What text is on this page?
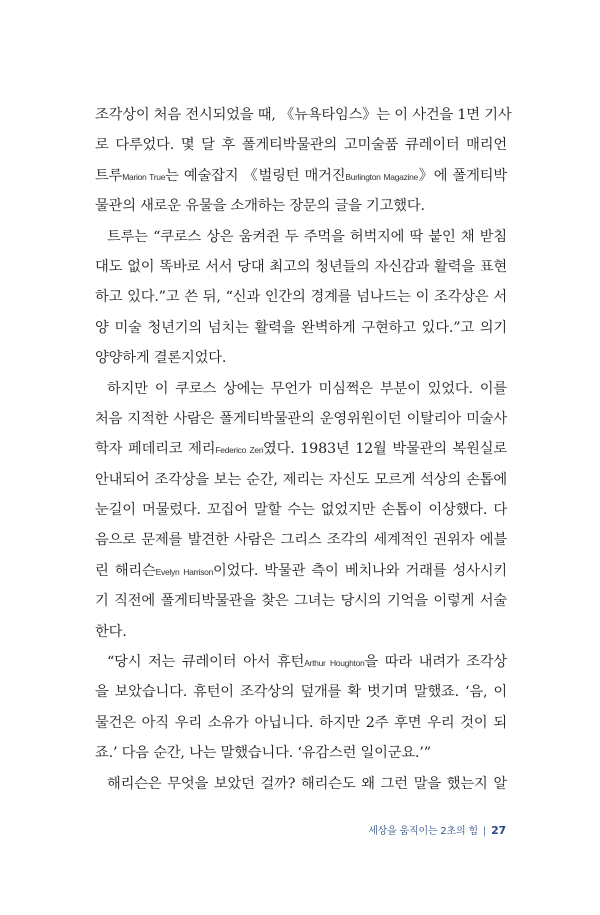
조각상이 처음 전시되었을 때, 《뉴욕타임스》는 이 사건을 1면 기사
로 다루었다. 몇 달 후 폴게티박물관의 고미술품 큐레이터 매리언
트루Marion True는 예술잡지 《벌링턴 매거진Burlington Magazine》에 폴게티박
물관의 새로운 유물을 소개하는 장문의 글을 기고했다.
트루는 “쿠로스 상은 움켜쥔 두 주먹을 허벅지에 딱 붙인 채 받침
대도 없이 똑바로 서서 당대 최고의 청년들의 자신감과 활력을 표현
하고 있다.”고 쓴 뒤, “신과 인간의 경계를 넘나드는 이 조각상은 서
양 미술 청년기의 넘치는 활력을 완벽하게 구현하고 있다.”고 의기
양양하게 결론지었다.
하지만 이 쿠로스 상에는 무언가 미심쩍은 부분이 있었다. 이를
처음 지적한 사람은 폴게티박물관의 운영위원이던 이탈리아 미술사
학자 페데리코 제리Federico Zeri였다. 1983년 12월 박물관의 복원실로
안내되어 조각상을 보는 순간, 제리는 자신도 모르게 석상의 손톱에
눈길이 머물렀다. 꼬집어 말할 수는 없었지만 손톱이 이상했다. 다
음으로 문제를 발견한 사람은 그리스 조각의 세계적인 권위자 에블
린 해리슨Evelyn Harrison이었다. 박물관 측이 베치나와 거래를 성사시키
기 직전에 폴게티박물관을 찾은 그녀는 당시의 기억을 이렇게 서술
한다.
“당시 저는 큐레이터 아서 휴턴Arthur Houghton을 따라 내려가 조각상
을 보았습니다. 휴턴이 조각상의 덮개를 확 벗기며 말했죠. ‘음, 이
물건은 아직 우리 소유가 아닙니다. 하지만 2주 후면 우리 것이 되
죠.’ 다음 순간, 나는 말했습니다. ‘유감스런 일이군요.’”
해리슨은 무엇을 보았던 걸까? 해리슨도 왜 그런 말을 했는지 알
세상을 움직이는 2초의 힘 | 27
